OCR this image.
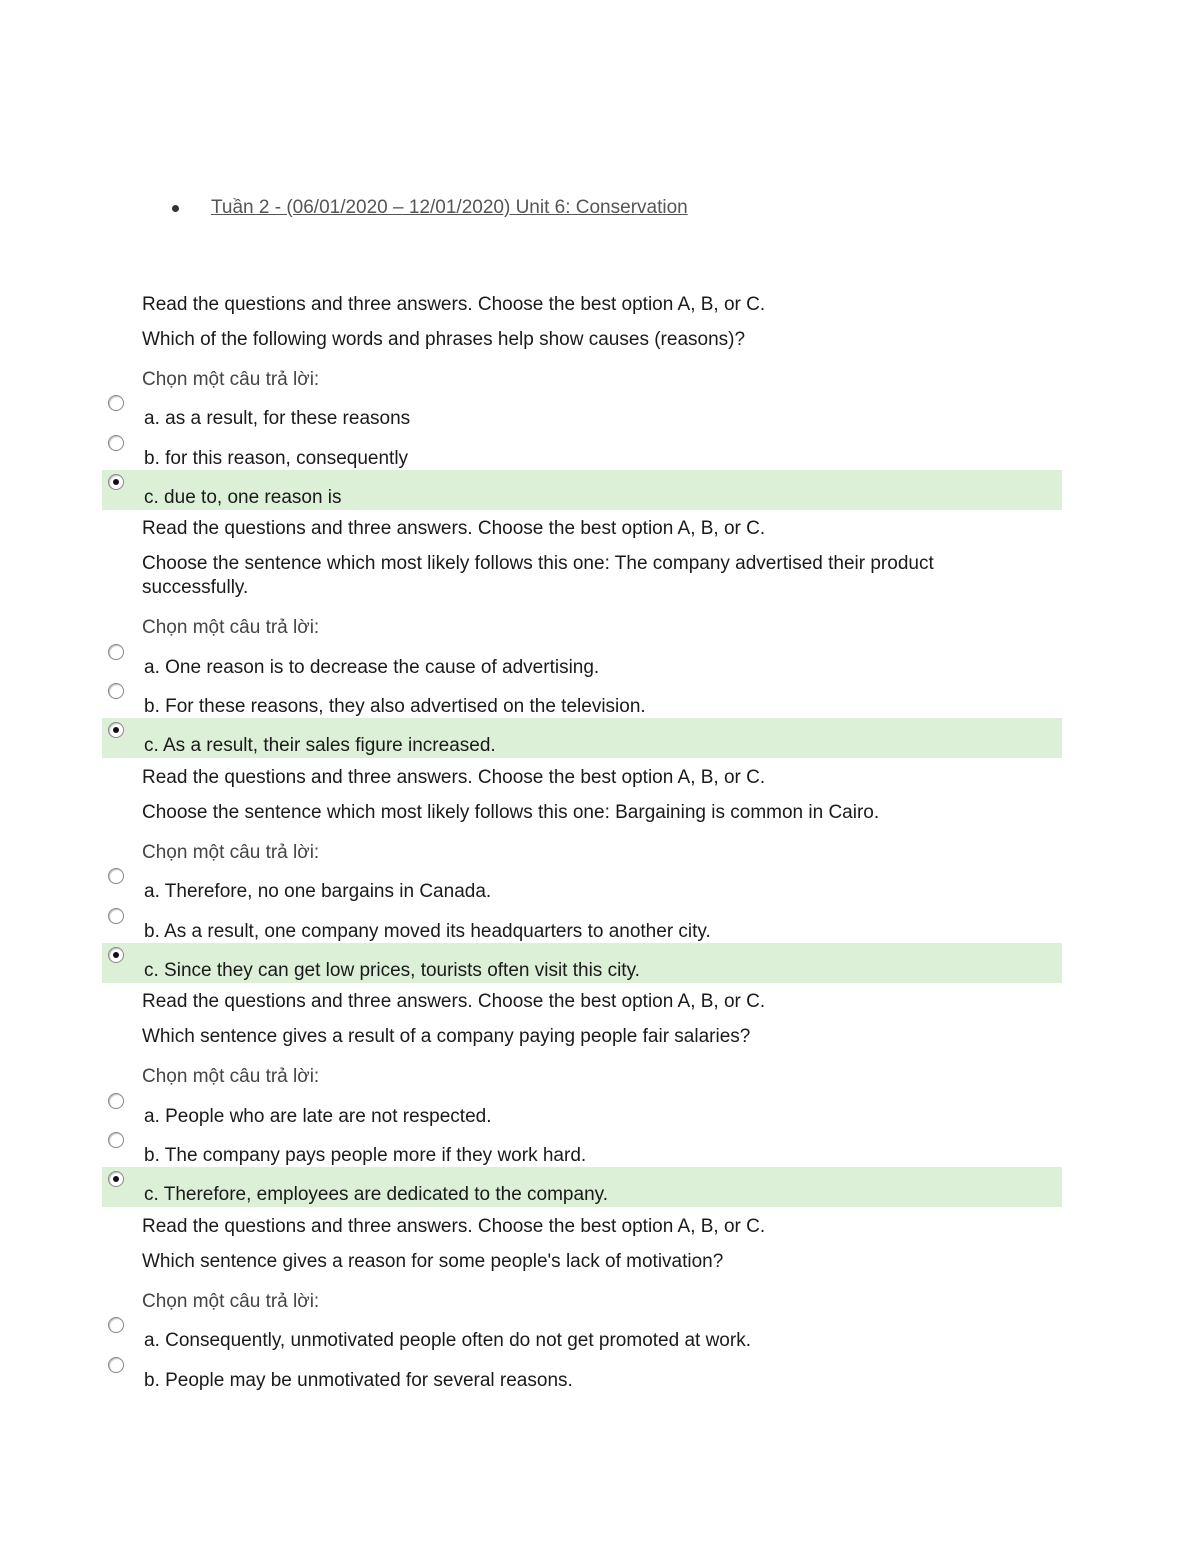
Tuần 2 - (06/01/2020 – 12/01/2020) Unit 6: Conservation
Read the questions and three answers. Choose the best option A, B, or C.
Which of the following words and phrases help show causes (reasons)?
Chọn một câu trả lời:
a. as a result, for these reasons
b. for this reason, consequently
c. due to, one reason is
Read the questions and three answers. Choose the best option A, B, or C.
Choose the sentence which most likely follows this one: The company advertised their product successfully.
Chọn một câu trả lời:
a. One reason is to decrease the cause of advertising.
b. For these reasons, they also advertised on the television.
c. As a result, their sales figure increased.
Read the questions and three answers. Choose the best option A, B, or C.
Choose the sentence which most likely follows this one: Bargaining is common in Cairo.
Chọn một câu trả lời:
a. Therefore, no one bargains in Canada.
b. As a result, one company moved its headquarters to another city.
c. Since they can get low prices, tourists often visit this city.
Read the questions and three answers. Choose the best option A, B, or C.
Which sentence gives a result of a company paying people fair salaries?
Chọn một câu trả lời:
a. People who are late are not respected.
b. The company pays people more if they work hard.
c. Therefore, employees are dedicated to the company.
Read the questions and three answers. Choose the best option A, B, or C.
Which sentence gives a reason for some people's lack of motivation?
Chọn một câu trả lời:
a. Consequently, unmotivated people often do not get promoted at work.
b. People may be unmotivated for several reasons.
